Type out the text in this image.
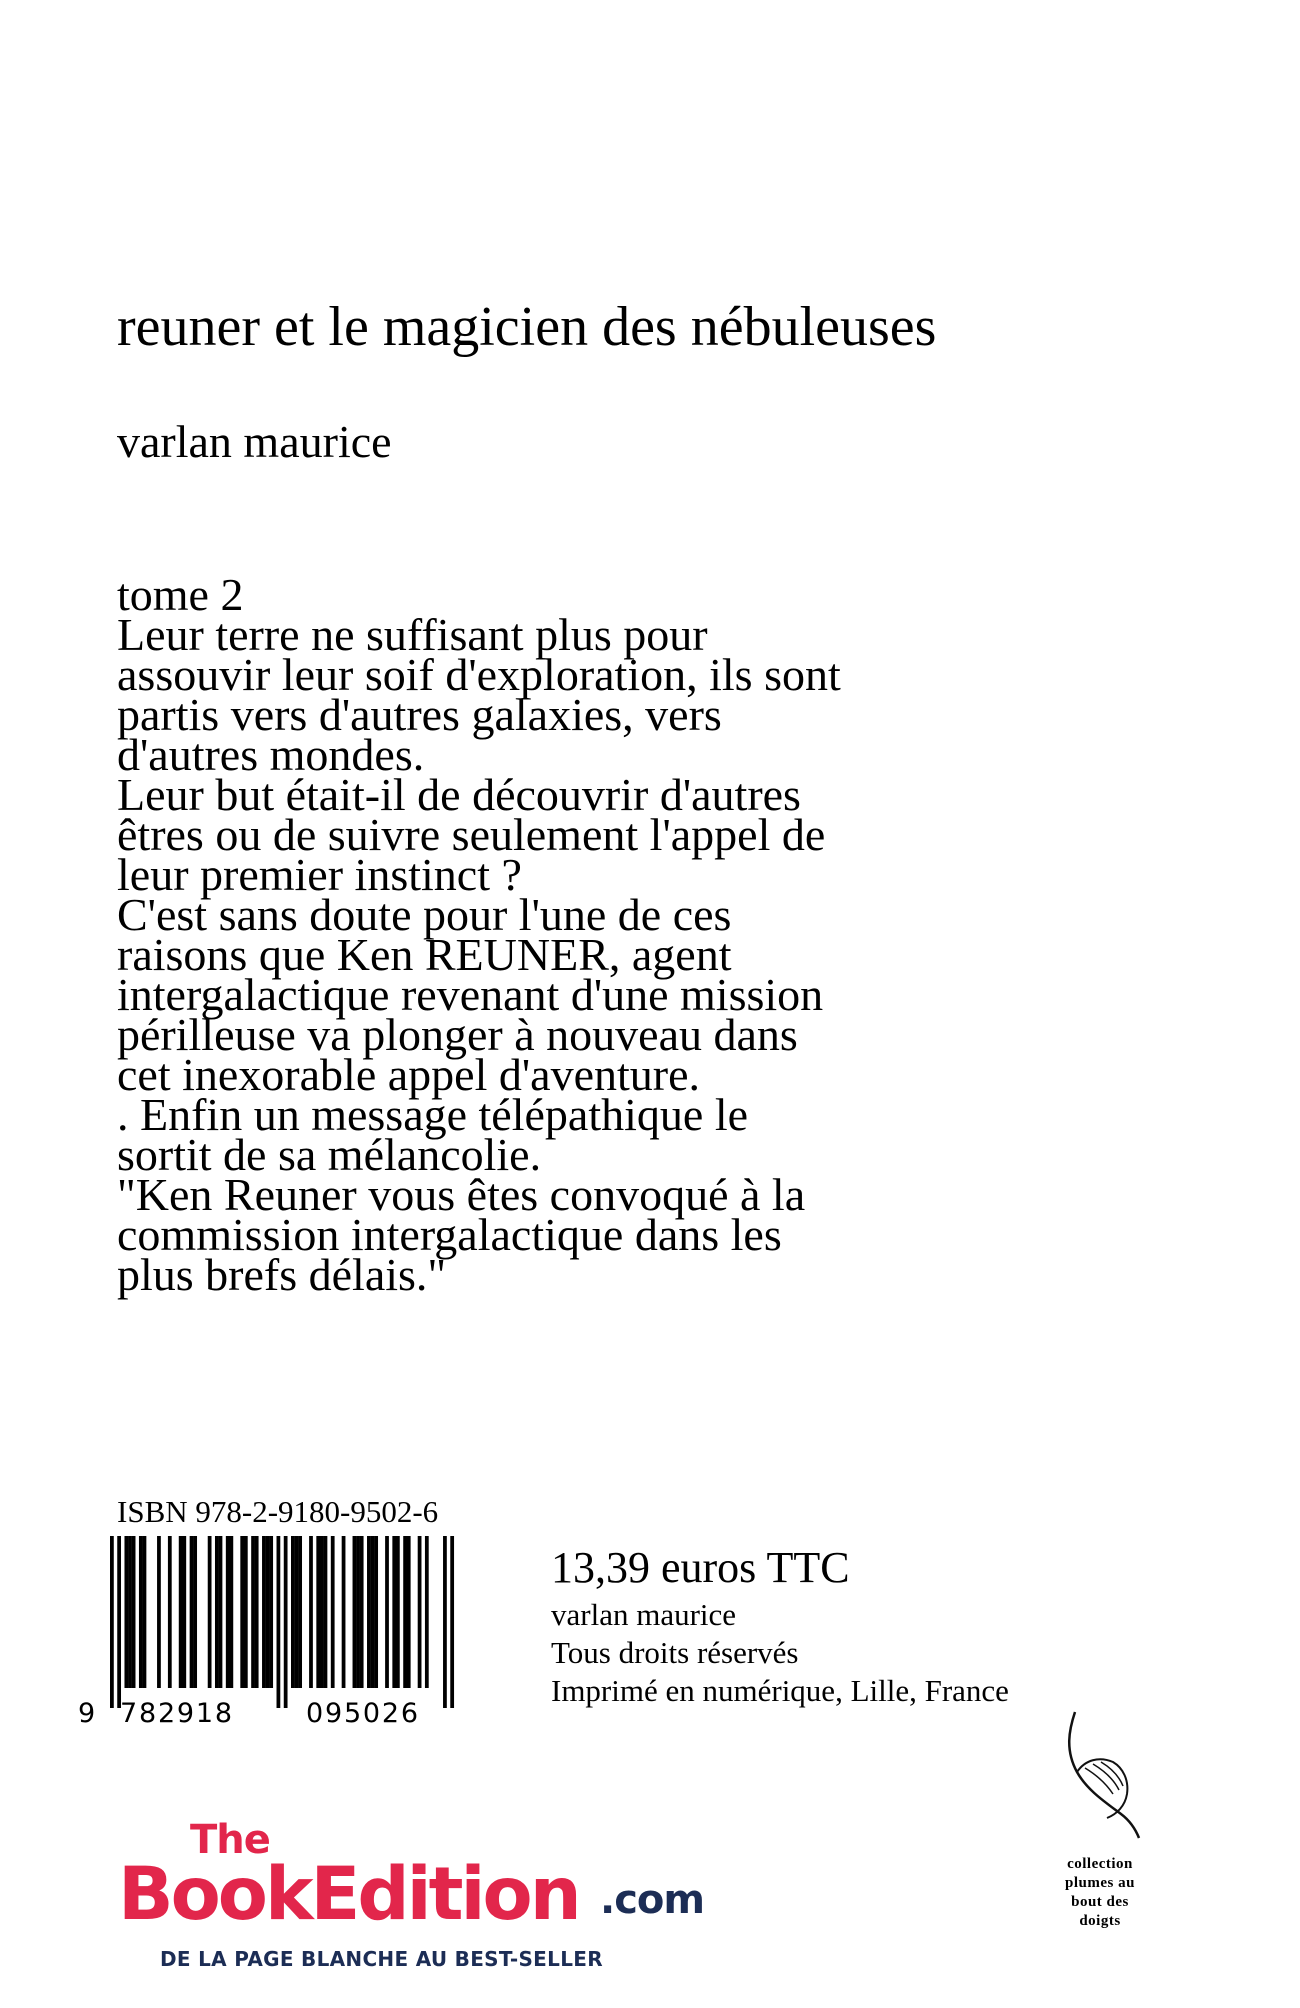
reuner et le magicien des nébuleuses
varlan maurice
tome 2
Leur terre ne suffisant plus pour
assouvir leur soif d'exploration, ils sont
partis vers d'autres galaxies, vers
d'autres mondes.
Leur but était-il de découvrir d'autres
êtres ou de suivre seulement l'appel de
leur premier instinct ?
C'est sans doute pour l'une de ces
raisons que Ken REUNER, agent
intergalactique revenant d'une mission
périlleuse va plonger à nouveau dans
cet inexorable appel d'aventure.
. Enfin un message télépathique le
sortit de sa mélancolie.
"Ken Reuner vous êtes convoqué à la
commission intergalactique dans les
plus brefs délais."
ISBN 978-2-9180-9502-6
9 782918	095026
13,39 euros TTC
varlan maurice
Tous droits réservés
Imprimé en numérique, Lille, France
The
BookEdition .com
DE LA PAGE BLANCHE AU BEST-SELLER
collection
plumes au
bout des
doigts
